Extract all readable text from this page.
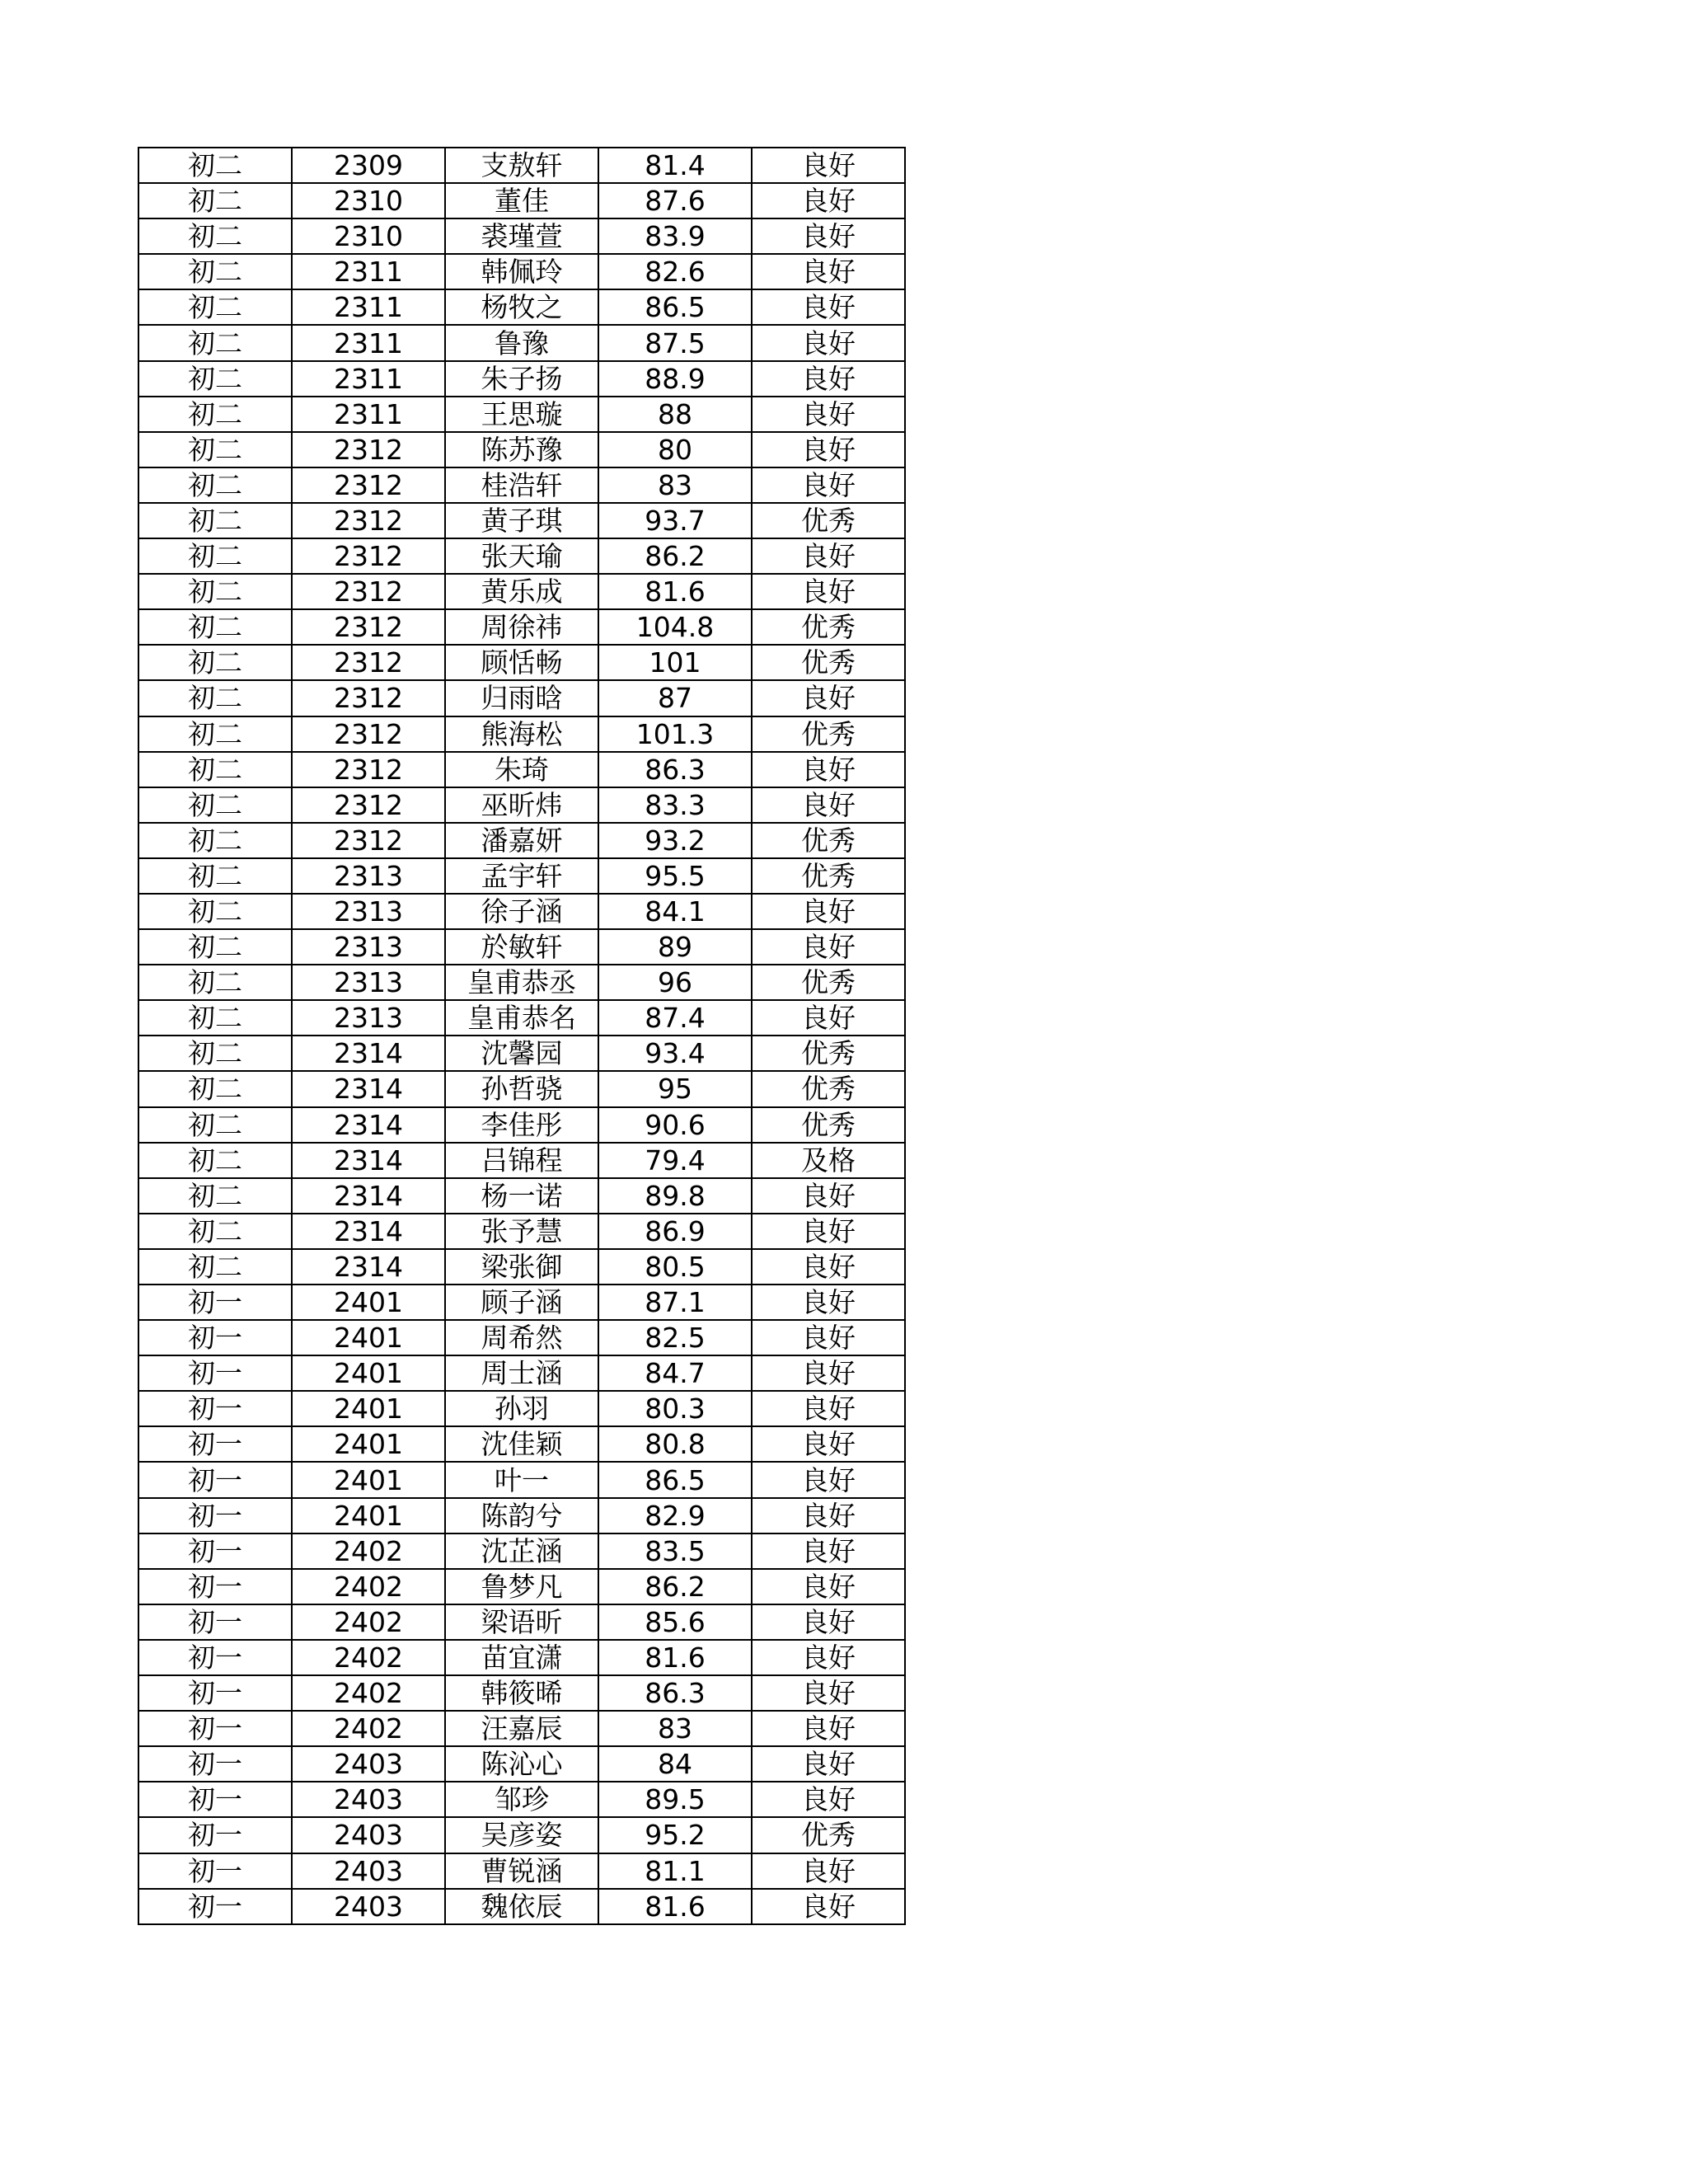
初二	2309	支敖轩	81.4	良好
初二	2310	董佳	87.6	良好
初二	2310	裘瑾萱	83.9	良好
初二	2311	韩佩玲	82.6	良好
初二	2311	杨牧之	86.5	良好
初二	2311	鲁豫	87.5	良好
初二	2311	朱子扬	88.9	良好
初二	2311	王思璇	88	良好
初二	2312	陈苏豫	80	良好
初二	2312	桂浩轩	83	良好
初二	2312	黄子琪	93.7	优秀
初二	2312	张天瑜	86.2	良好
初二	2312	黄乐成	81.6	良好
初二	2312	周徐祎	104.8	优秀
初二	2312	顾恬畅	101	优秀
初二	2312	归雨晗	87	良好
初二	2312	熊海松	101.3	优秀
初二	2312	朱琦	86.3	良好
初二	2312	巫昕炜	83.3	良好
初二	2312	潘嘉妍	93.2	优秀
初二	2313	孟宇轩	95.5	优秀
初二	2313	徐子涵	84.1	良好
初二	2313	於敏轩	89	良好
初二	2313	皇甫恭丞	96	优秀
初二	2313	皇甫恭名	87.4	良好
初二	2314	沈馨园	93.4	优秀
初二	2314	孙哲骁	95	优秀
初二	2314	李佳彤	90.6	优秀
初二	2314	吕锦程	79.4	及格
初二	2314	杨一诺	89.8	良好
初二	2314	张予慧	86.9	良好
初二	2314	梁张御	80.5	良好
初一	2401	顾子涵	87.1	良好
初一	2401	周希然	82.5	良好
初一	2401	周士涵	84.7	良好
初一	2401	孙羽	80.3	良好
初一	2401	沈佳颖	80.8	良好
初一	2401	叶一	86.5	良好
初一	2401	陈韵兮	82.9	良好
初一	2402	沈芷涵	83.5	良好
初一	2402	鲁梦凡	86.2	良好
初一	2402	梁语昕	85.6	良好
初一	2402	苗宜潇	81.6	良好
初一	2402	韩筱晞	86.3	良好
初一	2402	汪嘉辰	83	良好
初一	2403	陈沁心	84	良好
初一	2403	邹珍	89.5	良好
初一	2403	吴彦姿	95.2	优秀
初一	2403	曹锐涵	81.1	良好
初一	2403	魏依辰	81.6	良好
